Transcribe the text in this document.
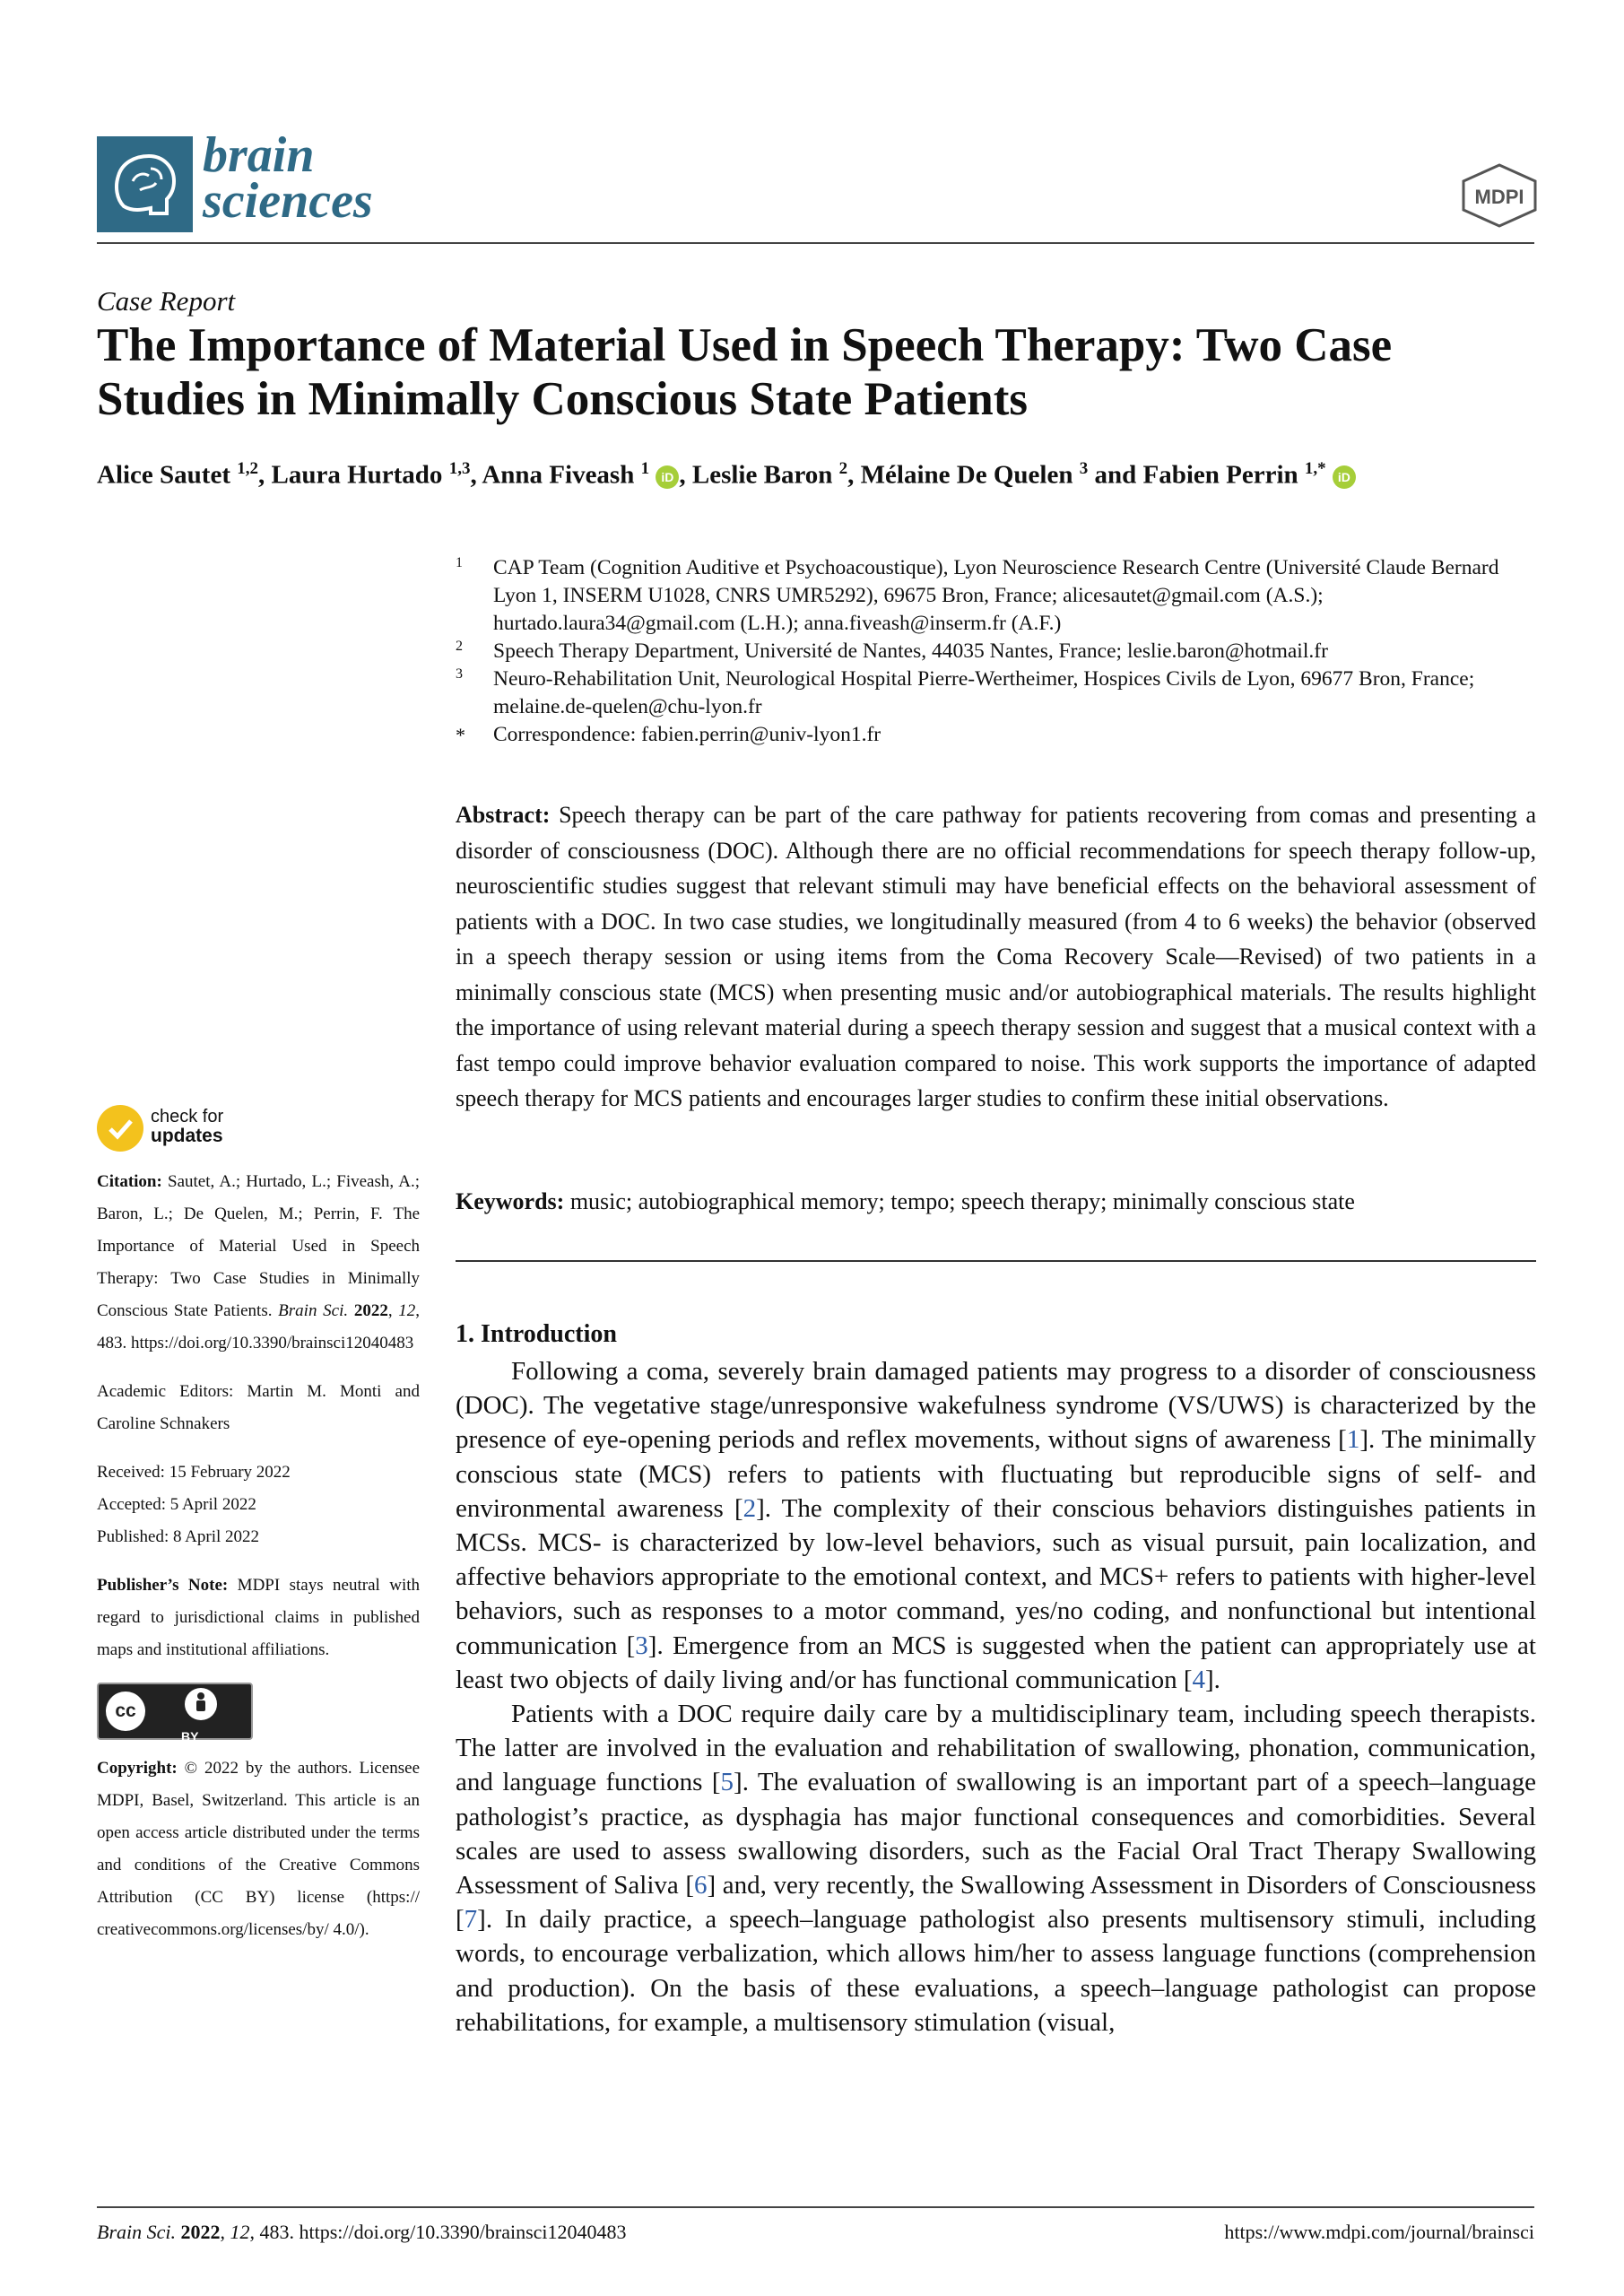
brain
sciences	MDPI
Case Report
The Importance of Material Used in Speech Therapy: Two Case Studies in Minimally Conscious State Patients
Alice Sautet $^{1,2}$, Laura Hurtado $^{1,3}$, Anna Fiveash $^1$ iD , Leslie Baron $^2$, Mélaine De Quelen $^3$ and Fabien Perrin $^{1,*}$ iD
1 CAP Team (Cognition Auditive et Psychoacoustique), Lyon Neuroscience Research Centre (Université Claude Bernard Lyon 1, INSERM U1028, CNRS UMR5292), 69675 Bron, France; alicesautet@gmail.com (A.S.); hurtado.laura34@gmail.com (L.H.); anna.fiveash@inserm.fr (A.F.)
2 Speech Therapy Department, Université de Nantes, 44035 Nantes, France; leslie.baron@hotmail.fr
3 Neuro-Rehabilitation Unit, Neurological Hospital Pierre-Wertheimer, Hospices Civils de Lyon, 69677 Bron, France; melaine.de-quelen@chu-lyon.fr
* Correspondence: fabien.perrin@univ-lyon1.fr
Abstract: Speech therapy can be part of the care pathway for patients recovering from comas and presenting a disorder of consciousness (DOC). Although there are no official recommendations for speech therapy follow-up, neuroscientific studies suggest that relevant stimuli may have beneficial effects on the behavioral assessment of patients with a DOC. In two case studies, we longitudinally measured (from 4 to 6 weeks) the behavior (observed in a speech therapy session or using items from the Coma Recovery Scale—Revised) of two patients in a minimally conscious state (MCS) when presenting music and/or autobiographical materials. The results highlight the importance of using relevant material during a speech therapy session and suggest that a musical context with a fast tempo could improve behavior evaluation compared to noise. This work supports the importance of adapted speech therapy for MCS patients and encourages larger studies to confirm these initial observations.
Keywords: music; autobiographical memory; tempo; speech therapy; minimally conscious state
check for
updates

Citation: Sautet, A.; Hurtado, L.; Fiveash, A.; Baron, L.; De Quelen, M.; Perrin, F. The Importance of Material Used in Speech Therapy: Two Case Studies in Minimally Conscious State Patients. Brain Sci. 2022, 12, 483. https://doi.org/10.3390/brainsci12040483

Academic Editors: Martin M. Monti and Caroline Schnakers

Received: 15 February 2022

Accepted: 5 April 2022

Published: 8 April 2022

Publisher’s Note: MDPI stays neutral with regard to jurisdictional claims in published maps and institutional affiliations.

cc
BY

Copyright: © 2022 by the authors. Licensee MDPI, Basel, Switzerland. This article is an open access article distributed under the terms and conditions of the Creative Commons Attribution (CC BY) license (https:// creativecommons.org/licenses/by/ 4.0/).

1. Introduction

Following a coma, severely brain damaged patients may progress to a disorder of consciousness (DOC). The vegetative stage/unresponsive wakefulness syndrome (VS/UWS) is characterized by the presence of eye-opening periods and reflex movements, without signs of awareness [1]. The minimally conscious state (MCS) refers to patients with fluctuating but reproducible signs of self- and environmental awareness [2]. The complexity of their conscious behaviors distinguishes patients in MCSs. MCS- is characterized by low-level behaviors, such as visual pursuit, pain localization, and affective behaviors appropriate to the emotional context, and MCS+ refers to patients with higher-level behaviors, such as responses to a motor command, yes/no coding, and nonfunctional but intentional communication [3]. Emergence from an MCS is suggested when the patient can appropriately use at least two objects of daily living and/or has functional communication [4].

Patients with a DOC require daily care by a multidisciplinary team, including speech therapists. The latter are involved in the evaluation and rehabilitation of swallowing, phonation, communication, and language functions [5]. The evaluation of swallowing is an important part of a speech–language pathologist’s practice, as dysphagia has major functional consequences and comorbidities. Several scales are used to assess swallowing disorders, such as the Facial Oral Tract Therapy Swallowing Assessment of Saliva [6] and, very recently, the Swallowing Assessment in Disorders of Consciousness [7]. In daily practice, a speech–language pathologist also presents multisensory stimuli, including words, to encourage verbalization, which allows him/her to assess language functions (comprehension and production). On the basis of these evaluations, a speech–language pathologist can propose rehabilitations, for example, a multisensory stimulation (visual,

Brain Sci. 2022, 12, 483. https://doi.org/10.3390/brainsci12040483	https://www.mdpi.com/journal/brainsci
